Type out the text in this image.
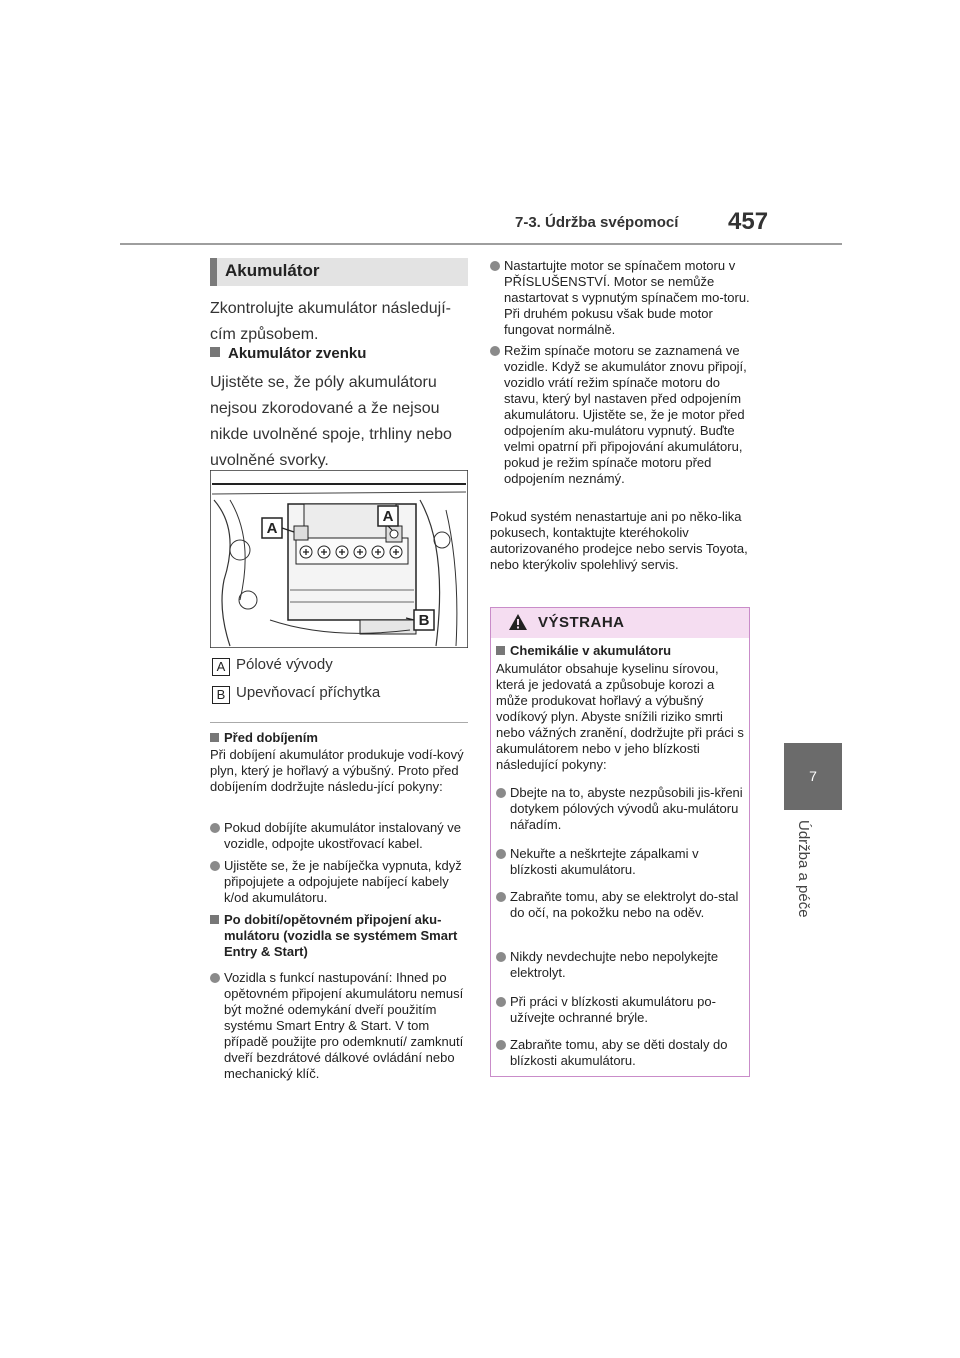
7-3. Údržba svépomocí 457
7
Údržba a péče
Akumulátor
Zkontrolujte akumulátor následují-cím způsobem.
Akumulátor zvenku
Ujistěte se, že póly akumulátoru nejsou zkorodované a že nejsou nikde uvolněné spoje, trhliny nebo uvolněné svorky.
A
A
B
A Pólové vývody
B Upevňovací příchytka
Před dobíjením
Při dobíjení akumulátor produkuje vodí-kový plyn, který je hořlavý a výbušný. Proto před dobíjením dodržujte následu-jící pokyny:
Pokud dobíjíte akumulátor instalovaný ve vozidle, odpojte ukostřovací kabel.
Ujistěte se, že je nabíječka vypnuta, když připojujete a odpojujete nabíjecí kabely k/od akumulátoru.
Po dobití/opětovném připojení aku-mulátoru (vozidla se systémem Smart Entry & Start)
Vozidla s funkcí nastupování: Ihned po opětovném připojení akumulátoru nemusí být možné odemykání dveří použitím systému Smart Entry & Start. V tom případě použijte pro odemknutí/ zamknutí dveří bezdrátové dálkové ovládání nebo mechanický klíč.
Nastartujte motor se spínačem motoru v PŘÍSLUŠENSTVÍ. Motor se nemůže nastartovat s vypnutým spínačem mo-toru. Při druhém pokusu však bude motor fungovat normálně.
Režim spínače motoru se zaznamená ve vozidle. Když se akumulátor znovu připojí, vozidlo vrátí režim spínače motoru do stavu, který byl nastaven před odpojením akumulátoru. Ujistěte se, že je motor před odpojením aku-mulátoru vypnutý. Buďte velmi opatrní při připojování akumulátoru, pokud je režim spínače motoru před odpojením neznámý.
Pokud systém nenastartuje ani po něko-lika pokusech, kontaktujte kteréhokoliv autorizovaného prodejce nebo servis Toyota, nebo kterýkoliv spolehlivý servis.
VÝSTRAHA
Chemikálie v akumulátoru
Akumulátor obsahuje kyselinu sírovou, která je jedovatá a způsobuje korozi a může produkovat hořlavý a výbušný vodíkový plyn. Abyste snížili riziko smrti nebo vážných zranění, dodržujte při práci s akumulátorem nebo v jeho blízkosti následující pokyny:
Dbejte na to, abyste nezpůsobili jis-křeni dotykem pólových vývodů aku-mulátoru nářadím.
Nekuřte a neškrtejte zápalkami v blízkosti akumulátoru.
Zabraňte tomu, aby se elektrolyt do-stal do očí, na pokožku nebo na oděv.
Nikdy nevdechujte nebo nepolykejte elektrolyt.
Při práci v blízkosti akumulátoru po-užívejte ochranné brýle.
Zabraňte tomu, aby se děti dostaly do blízkosti akumulátoru.
